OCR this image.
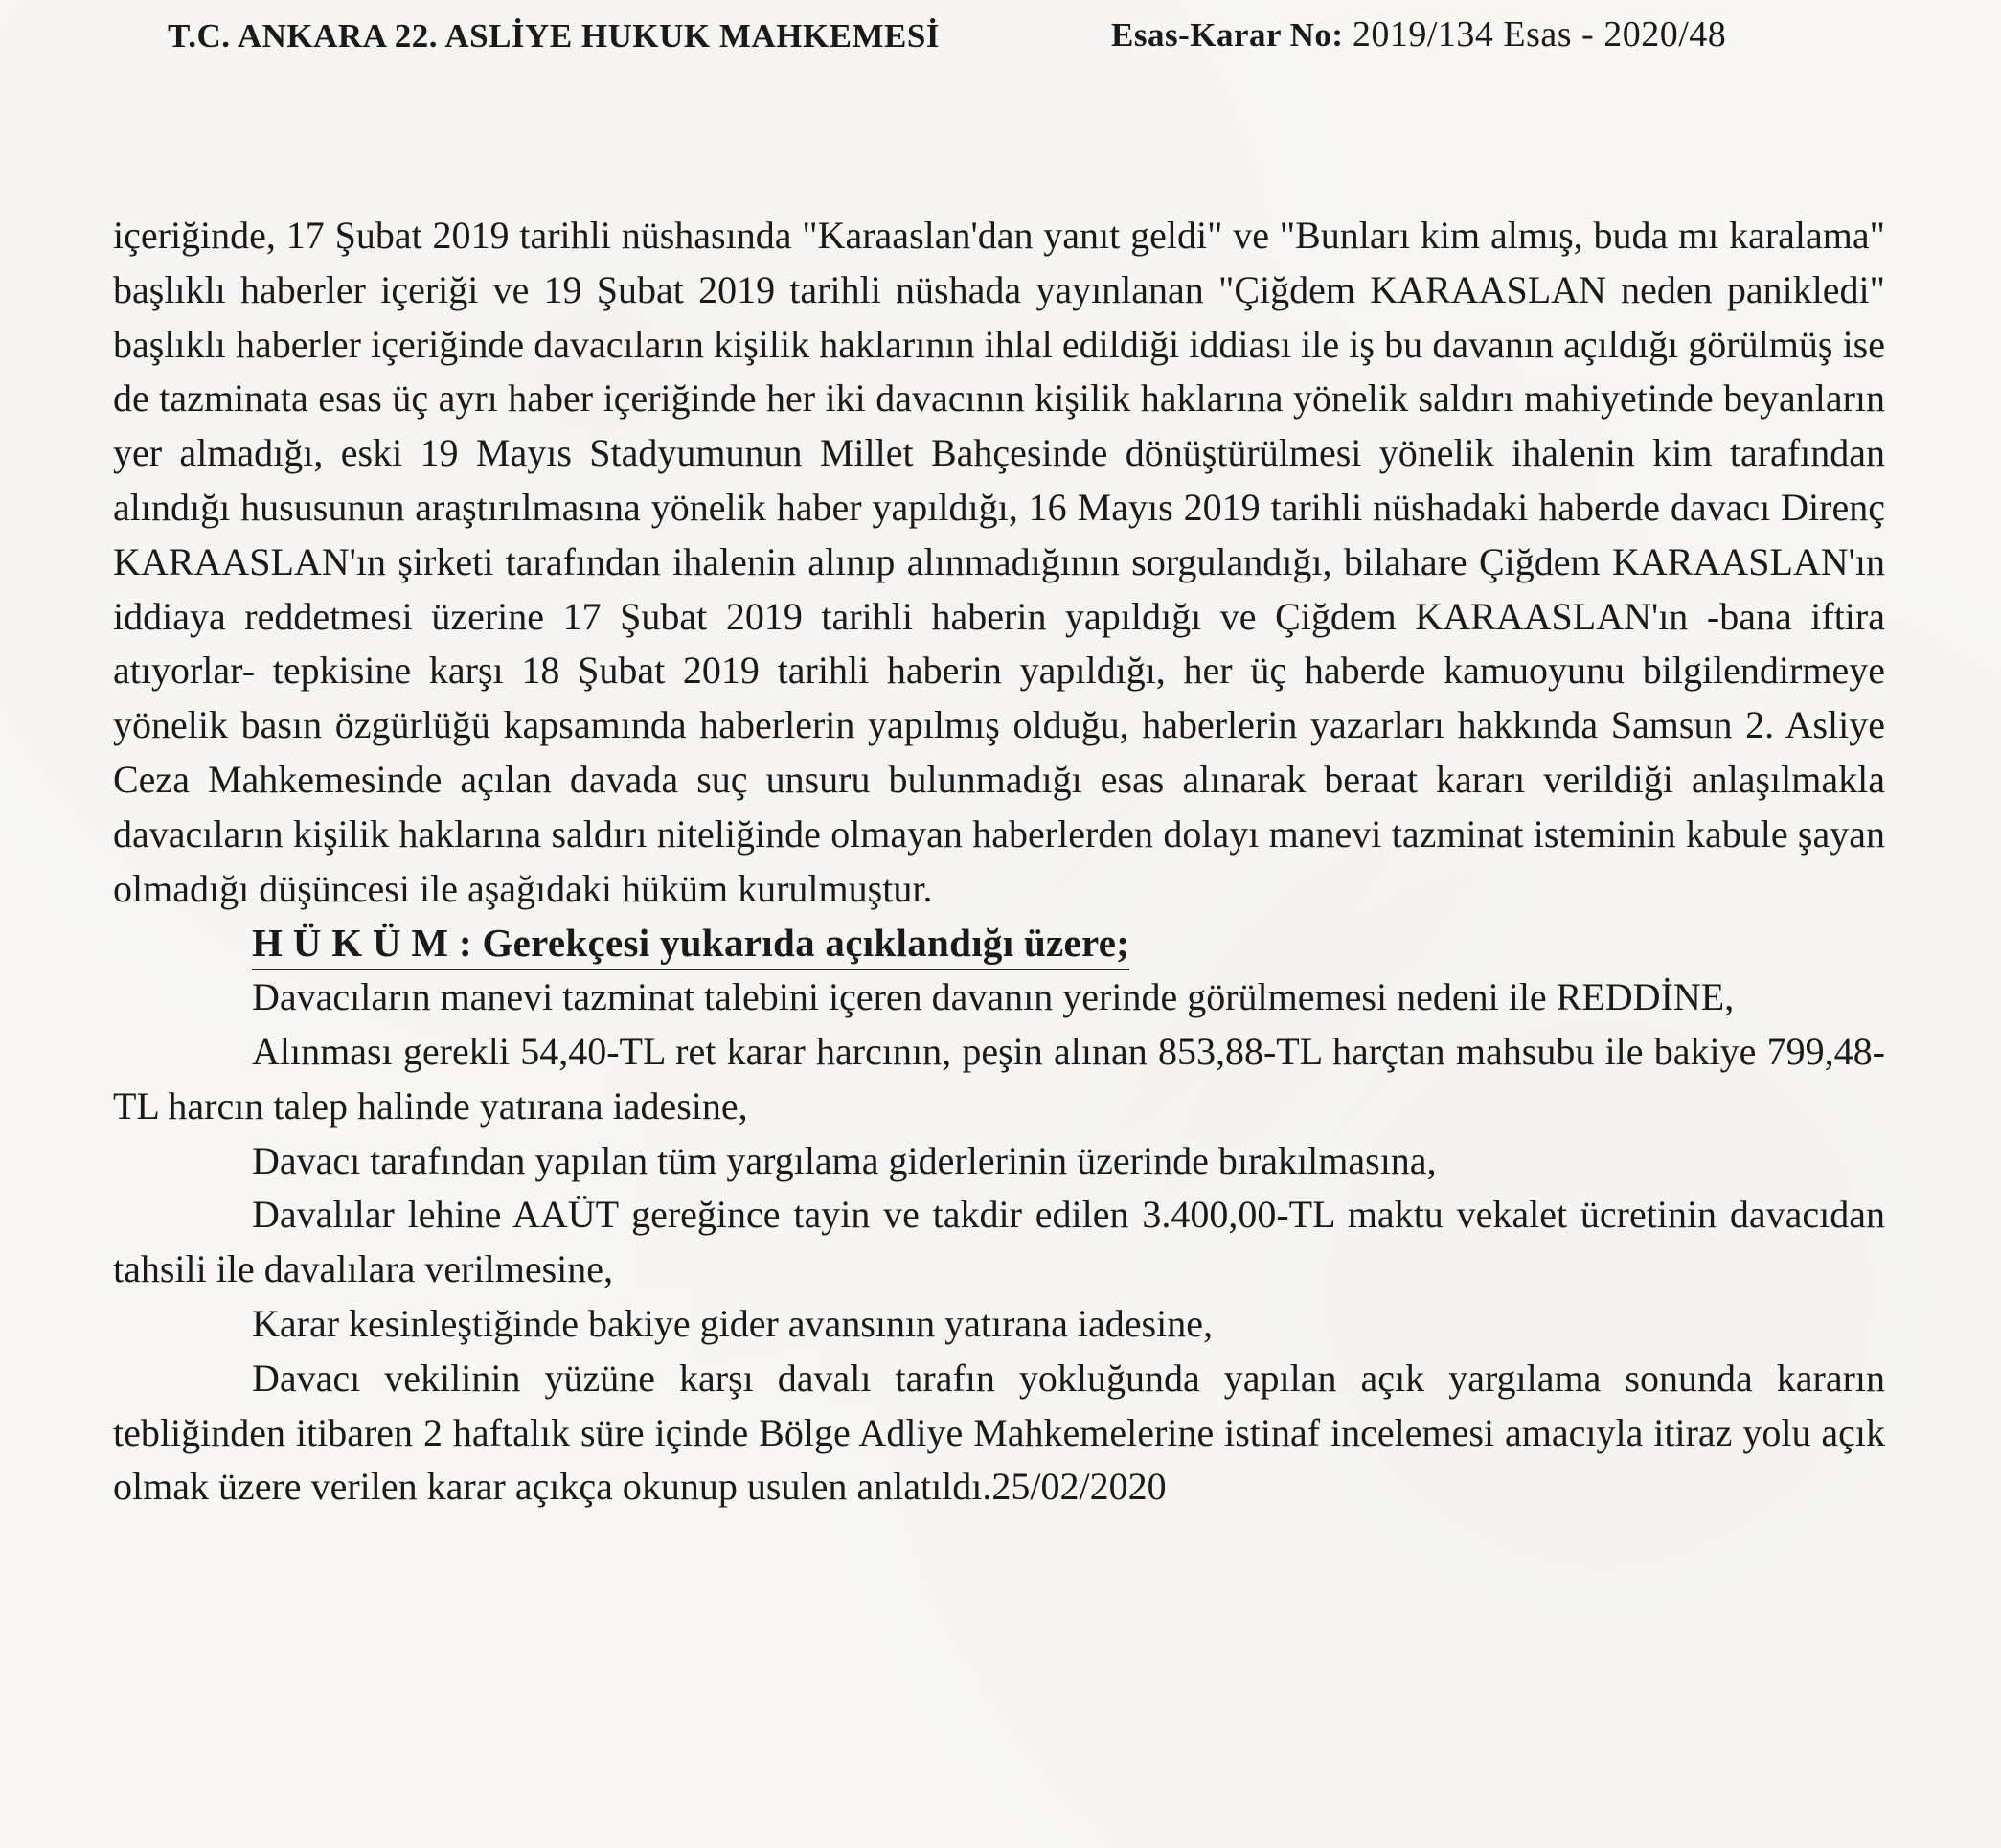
T.C. ANKARA 22. ASLİYE HUKUK MAHKEMESİ	Esas-Karar No: 2019/134 Esas - 2020/48

içeriğinde, 17 Şubat 2019 tarihli nüshasında "Karaaslan'dan yanıt geldi" ve "Bunları kim almış, buda mı karalama" başlıklı haberler içeriği ve 19 Şubat 2019 tarihli nüshada yayınlanan "Çiğdem KARAASLAN neden panikledi" başlıklı haberler içeriğinde davacıların kişilik haklarının ihlal edildiği iddiası ile iş bu davanın açıldığı görülmüş ise de tazminata esas üç ayrı haber içeriğinde her iki davacının kişilik haklarına yönelik saldırı mahiyetinde beyanların yer almadığı, eski 19 Mayıs Stadyumunun Millet Bahçesinde dönüştürülmesi yönelik ihalenin kim tarafından alındığı hususunun araştırılmasına yönelik haber yapıldığı, 16 Mayıs 2019 tarihli nüshadaki haberde davacı Direnç KARAASLAN'ın şirketi tarafından ihalenin alınıp alınmadığının sorgulandığı, bilahare Çiğdem KARAASLAN'ın iddiaya reddetmesi üzerine 17 Şubat 2019 tarihli haberin yapıldığı ve Çiğdem KARAASLAN'ın -bana iftira atıyorlar- tepkisine karşı 18 Şubat 2019 tarihli haberin yapıldığı, her üç haberde kamuoyunu bilgilendirmeye yönelik basın özgürlüğü kapsamında haberlerin yapılmış olduğu, haberlerin yazarları hakkında Samsun 2. Asliye Ceza Mahkemesinde açılan davada suç unsuru bulunmadığı esas alınarak beraat kararı verildiği anlaşılmakla davacıların kişilik haklarına saldırı niteliğinde olmayan haberlerden dolayı manevi tazminat isteminin kabule şayan olmadığı düşüncesi ile aşağıdaki hüküm kurulmuştur.

H Ü K Ü M : Gerekçesi yukarıda açıklandığı üzere;

Davacıların manevi tazminat talebini içeren davanın yerinde görülmemesi nedeni ile REDDİNE,

Alınması gerekli 54,40-TL ret karar harcının, peşin alınan 853,88-TL harçtan mahsubu ile bakiye 799,48-TL harcın talep halinde yatırana iadesine,

Davacı tarafından yapılan tüm yargılama giderlerinin üzerinde bırakılmasına,

Davalılar lehine AAÜT gereğince tayin ve takdir edilen 3.400,00-TL maktu vekalet ücretinin davacıdan tahsili ile davalılara verilmesine,

Karar kesinleştiğinde bakiye gider avansının yatırana iadesine,

Davacı vekilinin yüzüne karşı davalı tarafın yokluğunda yapılan açık yargılama sonunda kararın tebliğinden itibaren 2 haftalık süre içinde Bölge Adliye Mahkemelerine istinaf incelemesi amacıyla itiraz yolu açık olmak üzere verilen karar açıkça okunup usulen anlatıldı.25/02/2020
